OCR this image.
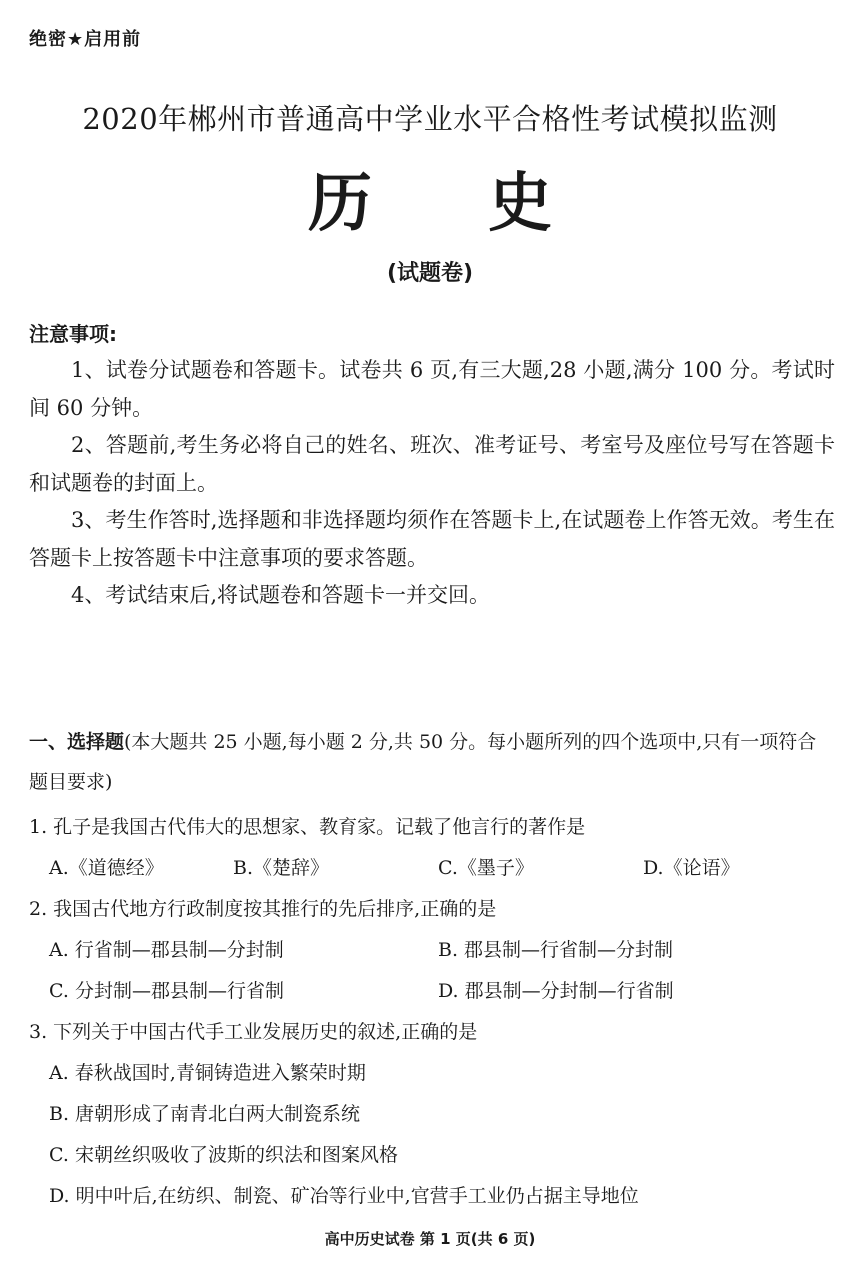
绝密★启用前
2020年郴州市普通高中学业水平合格性考试模拟监测
历 史
(试题卷)
注意事项:
1、试卷分试题卷和答题卡。试卷共 6 页,有三大题,28 小题,满分 100 分。考试时间 60 分钟。
2、答题前,考生务必将自己的姓名、班次、准考证号、考室号及座位号写在答题卡和试题卷的封面上。
3、考生作答时,选择题和非选择题均须作在答题卡上,在试题卷上作答无效。考生在答题卡上按答题卡中注意事项的要求答题。
4、考试结束后,将试题卷和答题卡一并交回。
一、选择题(本大题共 25 小题,每小题 2 分,共 50 分。每小题所列的四个选项中,只有一项符合题目要求)
1. 孔子是我国古代伟大的思想家、教育家。记载了他言行的著作是
A.《道德经》	B.《楚辞》	C.《墨子》	D.《论语》
2. 我国古代地方行政制度按其推行的先后排序,正确的是
A. 行省制—郡县制—分封制	B. 郡县制—行省制—分封制
C. 分封制—郡县制—行省制	D. 郡县制—分封制—行省制
3. 下列关于中国古代手工业发展历史的叙述,正确的是
A. 春秋战国时,青铜铸造进入繁荣时期
B. 唐朝形成了南青北白两大制瓷系统
C. 宋朝丝织吸收了波斯的织法和图案风格
D. 明中叶后,在纺织、制瓷、矿冶等行业中,官营手工业仍占据主导地位
高中历史试卷 第 1 页(共 6 页)
